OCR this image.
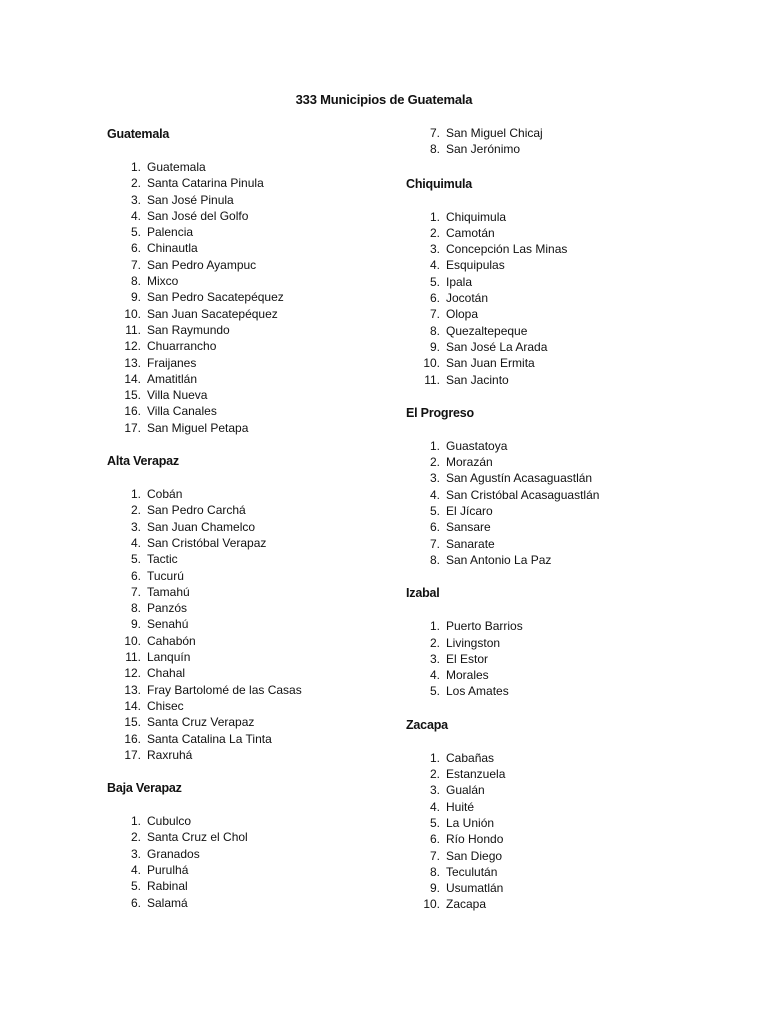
333 Municipios de Guatemala
Guatemala
1. Guatemala
2. Santa Catarina Pinula
3. San José Pinula
4. San José del Golfo
5. Palencia
6. Chinautla
7. San Pedro Ayampuc
8. Mixco
9. San Pedro Sacatepéquez
10. San Juan Sacatepéquez
11. San Raymundo
12. Chuarrancho
13. Fraijanes
14. Amatitlán
15. Villa Nueva
16. Villa Canales
17. San Miguel Petapa
Alta Verapaz
1. Cobán
2. San Pedro Carchá
3. San Juan Chamelco
4. San Cristóbal Verapaz
5. Tactic
6. Tucurú
7. Tamahú
8. Panzós
9. Senahú
10. Cahabón
11. Lanquín
12. Chahal
13. Fray Bartolomé de las Casas
14. Chisec
15. Santa Cruz Verapaz
16. Santa Catalina La Tinta
17. Raxruhá
Baja Verapaz
1. Cubulco
2. Santa Cruz el Chol
3. Granados
4. Purulhá
5. Rabinal
6. Salamá
7. San Miguel Chicaj
8. San Jerónimo
Chiquimula
1. Chiquimula
2. Camotán
3. Concepción Las Minas
4. Esquipulas
5. Ipala
6. Jocotán
7. Olopa
8. Quezaltepeque
9. San José La Arada
10. San Juan Ermita
11. San Jacinto
El Progreso
1. Guastatoya
2. Morazán
3. San Agustín Acasaguastlán
4. San Cristóbal Acasaguastlán
5. El Jícaro
6. Sansare
7. Sanarate
8. San Antonio La Paz
Izabal
1. Puerto Barrios
2. Livingston
3. El Estor
4. Morales
5. Los Amates
Zacapa
1. Cabañas
2. Estanzuela
3. Gualán
4. Huité
5. La Unión
6. Río Hondo
7. San Diego
8. Teculután
9. Usumatlán
10. Zacapa
